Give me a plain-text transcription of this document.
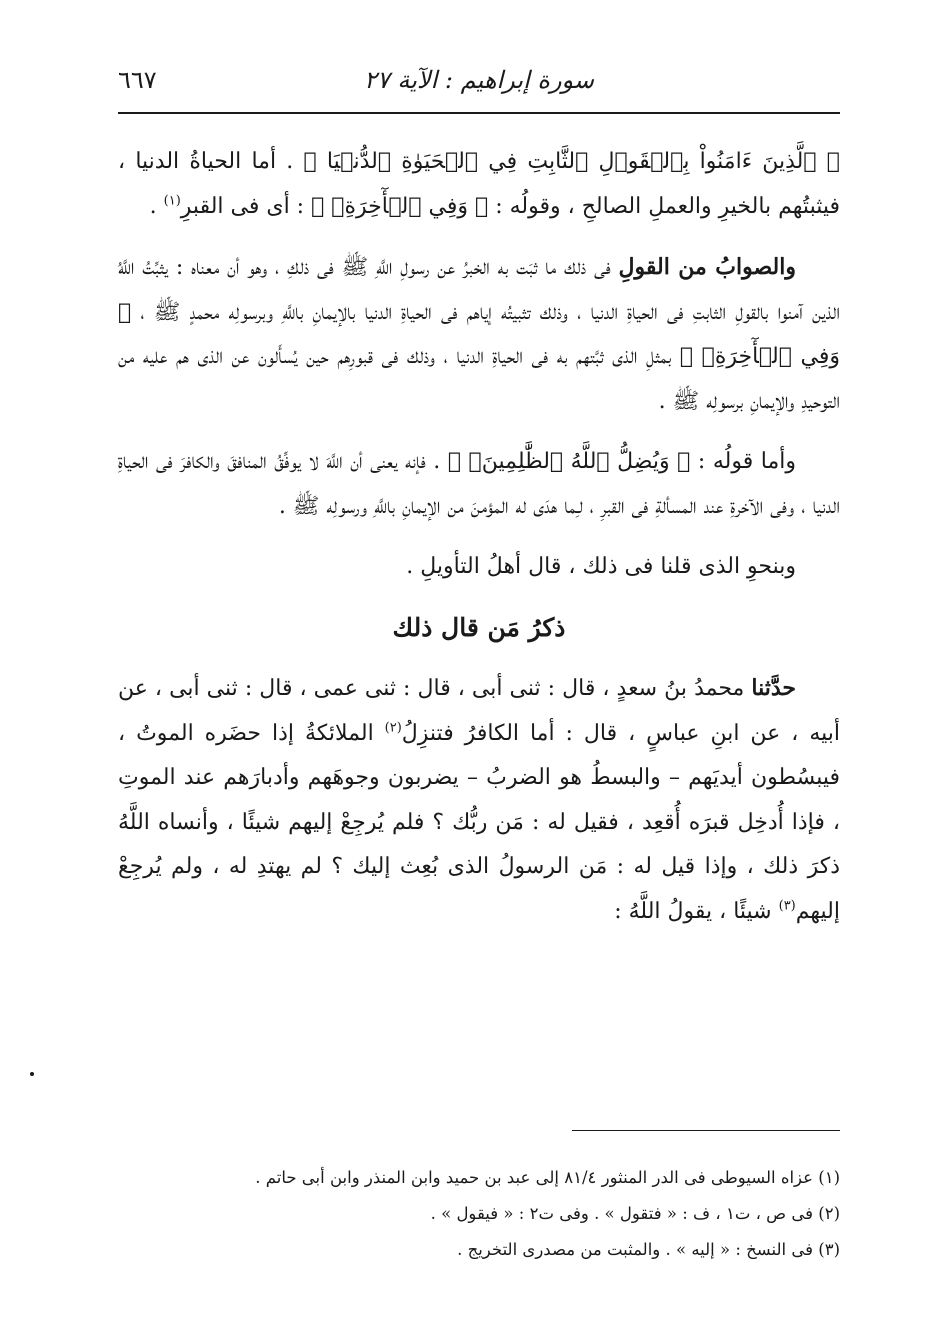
سورة إبراهيم : الآية ٢٧
٦٦٧

﴿ ٱلَّذِينَ ءَامَنُواْ بِٱلۡقَوۡلِ ٱلثَّابِتِ فِي ٱلۡحَيَوٰةِ ٱلدُّنۡيَا ﴾ . أما الحياةُ الدنيا ، فيثبتُهم بالخيرِ والعملِ الصالحِ ، وقولُه : ﴿ وَفِي ٱلۡأٓخِرَةِۖ ﴾ : أى فى القبرِ$^{(١)}$ .

والصوابُ من القولِ فى ذلك ما ثبَت به الخبرُ عن رسولِ اللَّهِ ﷺ فى ذلكِ ، وهو أن معناه : يثبِّتُ اللَّهُ الذين آمنوا بالقولِ الثابتِ فى الحياةِ الدنيا ، وذلك تثبيتُه إياهم فى الحياةِ الدنيا بالإيمانِ باللَّهِ وبرسولِه محمدٍ ﷺ ، ﴿ وَفِي ٱلۡأٓخِرَةِۖ ﴾ بمثلِ الذى ثبَّتهم به فى الحياةِ الدنيا ، وذلك فى قبورِهم حين يُسأَلون عن الذى هم عليه من التوحيدِ والإيمانِ برسولِه ﷺ .

وأما قولُه : ﴿ وَيُضِلُّ ٱللَّهُ ٱلظَّٰلِمِينَۚ ﴾ . فإنه يعنى أن اللَّهَ لا يوفِّقُ المنافقَ والكافرَ فى الحياةِ الدنيا ، وفى الآخرةِ عند المسألةِ فى القبرِ ، لـِما هدَى له المؤمنَ من الإيمانِ باللَّهِ ورسولِه ﷺ .

وبنحوِ الذى قلنا فى ذلك ، قال أهلُ التأويلِ .

ذكرُ مَن قال ذلك

حدَّثنا محمدُ بنُ سعدٍ ، قال : ثنى أبى ، قال : ثنى عمى ، قال : ثنى أبى ، عن أبيه ، عن ابنِ عباسٍ ، قال : أما الكافرُ فتنزِلُ$^{(٢)}$ الملائكةُ إذا حضَره الموتُ ، فيبسُطون أيديَهم – والبسطُ هو الضربُ – يضربون وجوهَهم وأدبارَهم عند الموتِ ، فإذا أُدخِل قبرَه أُقعِد ، فقيل له : مَن ربُّك ؟ فلم يُرجِعْ إليهم شيئًا ، وأنساه اللَّهُ ذكرَ ذلك ، وإذا قيل له : مَن الرسولُ الذى بُعِث إليك ؟ لم يهتدِ له ، ولم يُرجِعْ إليهم$^{(٣)}$ شيئًا ، يقولُ اللَّهُ :

(١) عزاه السيوطى فى الدر المنثور ٨١/٤ إلى عبد بن حميد وابن المنذر وابن أبى حاتم .

(٢) فى ص ، ت١ ، ف : « فتقول » . وفى ت٢ : « فيقول » .

(٣) فى النسخ : « إليه » . والمثبت من مصدرى التخريج .
